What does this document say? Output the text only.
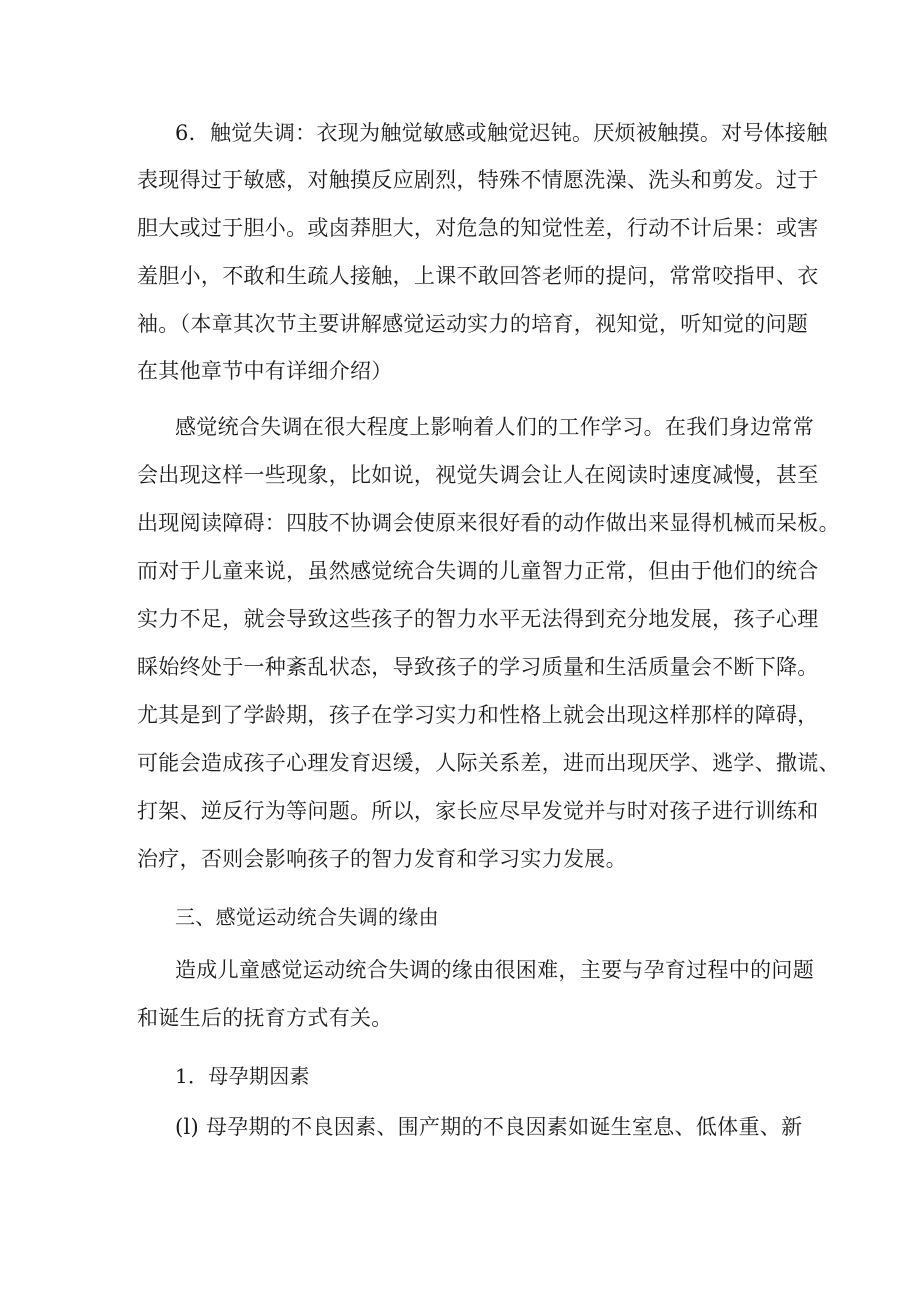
6．触觉失调：衣现为触觉敏感或触觉迟钝。厌烦被触摸。对号体接触
表现得过于敏感，对触摸反应剧烈，特殊不情愿洗澡、洗头和剪发。过于
胆大或过于胆小。或卤莽胆大，对危急的知觉性差，行动不计后果：或害
羞胆小，不敢和生疏人接触，上课不敢回答老师的提问，常常咬指甲、衣
袖。（本章其次节主要讲解感觉运动实力的培育，视知觉，听知觉的问题
在其他章节中有详细介绍）
感觉统合失调在很大程度上影响着人们的工作学习。在我们身边常常
会出现这样一些现象，比如说，视觉失调会让人在阅读时速度减慢，甚至
出现阅读障碍：四肢不协调会使原来很好看的动作做出来显得机械而呆板。
而对于儿童来说，虽然感觉统合失调的儿童智力正常，但由于他们的统合
实力不足，就会导致这些孩子的智力水平无法得到充分地发展，孩子心理
睬始终处于一种紊乱状态，导致孩子的学习质量和生活质量会不断下降。
尤其是到了学龄期，孩子在学习实力和性格上就会出现这样那样的障碍，
可能会造成孩子心理发育迟缓，人际关系差，进而出现厌学、逃学、撒谎、
打架、逆反行为等问题。所以，家长应尽早发觉并与时对孩子进行训练和
治疗，否则会影响孩子的智力发育和学习实力发展。
三、感觉运动统合失调的缘由
造成儿童感觉运动统合失调的缘由很困难，主要与孕育过程中的问题
和诞生后的抚育方式有关。
1．母孕期因素
(l) 母孕期的不良因素、围产期的不良因素如诞生室息、低体重、新
